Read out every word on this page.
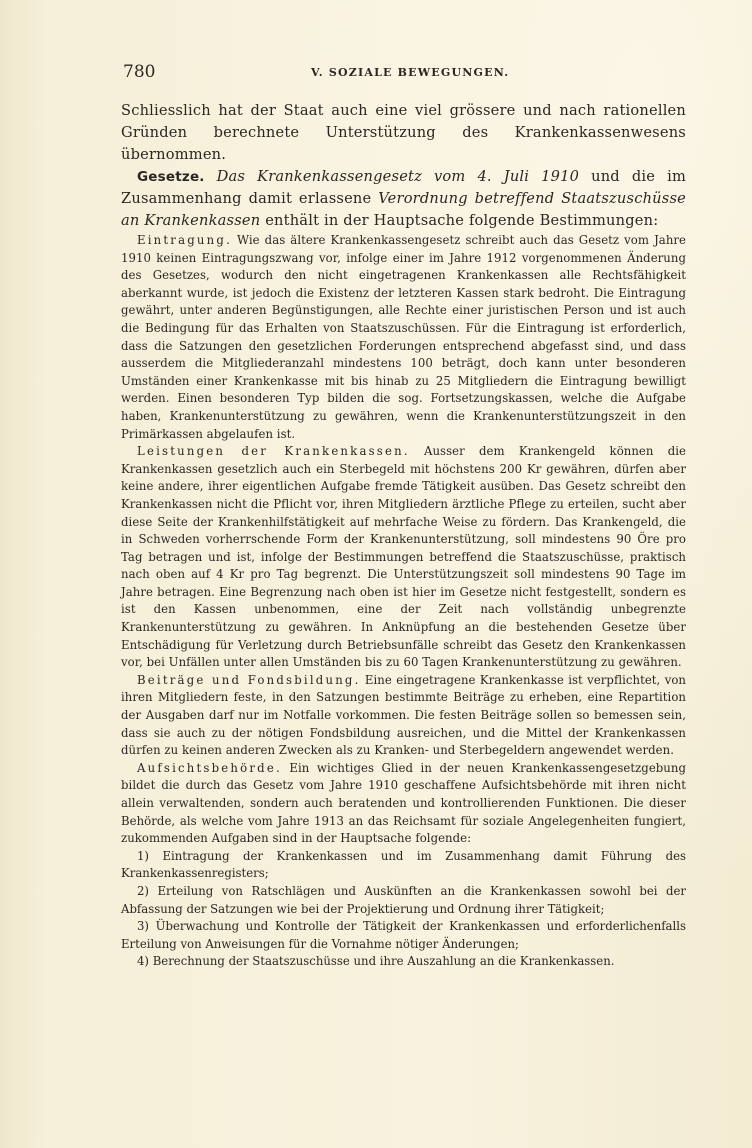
780	V. SOZIALE BEWEGUNGEN.

Schliesslich hat der Staat auch eine viel grössere und nach rationellen Gründen berechnete Unterstützung des Krankenkassenwesens übernommen.

Gesetze. Das Krankenkassengesetz vom 4. Juli 1910 und die im Zusammenhang damit erlassene Verordnung betreffend Staatszuschüsse an Krankenkassen enthält in der Hauptsache folgende Bestimmungen:

Eintragung. Wie das ältere Krankenkassengesetz schreibt auch das Gesetz vom Jahre 1910 keinen Eintragungszwang vor, infolge einer im Jahre 1912 vorgenommenen Änderung des Gesetzes, wodurch den nicht eingetragenen Krankenkassen alle Rechtsfähigkeit aberkannt wurde, ist jedoch die Existenz der letzteren Kassen stark bedroht. Die Eintragung gewährt, unter anderen Begünstigungen, alle Rechte einer juristischen Person und ist auch die Bedingung für das Erhalten von Staatszuschüssen. Für die Eintragung ist erforderlich, dass die Satzungen den gesetzlichen Forderungen entsprechend abgefasst sind, und dass ausserdem die Mitgliederanzahl mindestens 100 beträgt, doch kann unter besonderen Umständen einer Krankenkasse mit bis hinab zu 25 Mitgliedern die Eintragung bewilligt werden. Einen besonderen Typ bilden die sog. Fortsetzungskassen, welche die Aufgabe haben, Krankenunterstützung zu gewähren, wenn die Krankenunterstützungszeit in den Primärkassen abgelaufen ist.

Leistungen der Krankenkassen. Ausser dem Krankengeld können die Krankenkassen gesetzlich auch ein Sterbegeld mit höchstens 200 Kr gewähren, dürfen aber keine andere, ihrer eigentlichen Aufgabe fremde Tätigkeit ausüben. Das Gesetz schreibt den Krankenkassen nicht die Pflicht vor, ihren Mitgliedern ärztliche Pflege zu erteilen, sucht aber diese Seite der Krankenhilfstätigkeit auf mehrfache Weise zu fördern. Das Krankengeld, die in Schweden vorherrschende Form der Krankenunterstützung, soll mindestens 90 Öre pro Tag betragen und ist, infolge der Bestimmungen betreffend die Staatszuschüsse, praktisch nach oben auf 4 Kr pro Tag begrenzt. Die Unterstützungszeit soll mindestens 90 Tage im Jahre betragen. Eine Begrenzung nach oben ist hier im Gesetze nicht festgestellt, sondern es ist den Kassen unbenommen, eine der Zeit nach vollständig unbegrenzte Krankenunterstützung zu gewähren. In Anknüpfung an die bestehenden Gesetze über Entschädigung für Verletzung durch Betriebsunfälle schreibt das Gesetz den Krankenkassen vor, bei Unfällen unter allen Umständen bis zu 60 Tagen Krankenunterstützung zu gewähren.

Beiträge und Fondsbildung. Eine eingetragene Krankenkasse ist verpflichtet, von ihren Mitgliedern feste, in den Satzungen bestimmte Beiträge zu erheben, eine Repartition der Ausgaben darf nur im Notfalle vorkommen. Die festen Beiträge sollen so bemessen sein, dass sie auch zu der nötigen Fondsbildung ausreichen, und die Mittel der Krankenkassen dürfen zu keinen anderen Zwecken als zu Kranken- und Sterbegeldern angewendet werden.

Aufsichtsbehörde. Ein wichtiges Glied in der neuen Krankenkassengesetzgebung bildet die durch das Gesetz vom Jahre 1910 geschaffene Aufsichtsbehörde mit ihren nicht allein verwaltenden, sondern auch beratenden und kontrollierenden Funktionen. Die dieser Behörde, als welche vom Jahre 1913 an das Reichsamt für soziale Angelegenheiten fungiert, zukommenden Aufgaben sind in der Hauptsache folgende:

1) Eintragung der Krankenkassen und im Zusammenhang damit Führung des Krankenkassenregisters;

2) Erteilung von Ratschlägen und Auskünften an die Krankenkassen sowohl bei der Abfassung der Satzungen wie bei der Projektierung und Ordnung ihrer Tätigkeit;

3) Überwachung und Kontrolle der Tätigkeit der Krankenkassen und erforderlichenfalls Erteilung von Anweisungen für die Vornahme nötiger Änderungen;

4) Berechnung der Staatszuschüsse und ihre Auszahlung an die Krankenkassen.
